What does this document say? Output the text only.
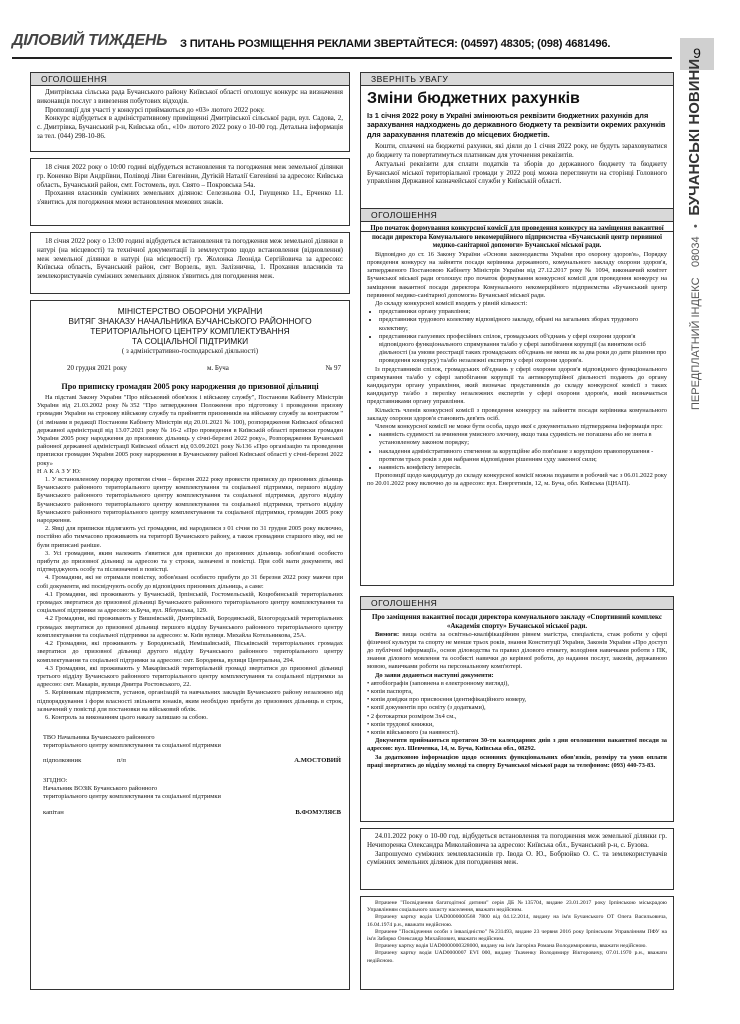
ДІЛОВИЙ ТИЖДЕНЬ З ПИТАНЬ РОЗМІЩЕННЯ РЕКЛАМИ ЗВЕРТАЙТЕСЯ: (04597) 48305; (098) 4681496.
9
ПЕРЕДПЛАТНИЙ ІНДЕКС 08034 • БУЧАНСЬКІ НОВИНИ
ОГОЛОШЕННЯ

Дмитрівська сільська рада Бучанського району Київської області оголошує конкурс на визначення виконавців послуг з вивезення побутових відходів.

Пропозиції для участі у конкурсі приймаються до «03» лютого 2022 року.

Конкурс відбудеться в адміністративному приміщенні Дмитрівської сільської ради, вул. Садова, 2, с. Дмитрівка, Бучанський р-н, Київська обл., «10» лютого 2022 року о 10-00 год. Детальна інформація за тел. (044) 298-10-86.

18 січня 2022 року о 10:00 годині відбудеться встановлення та погодження меж земельної ділянки гр. Коненко Віри Андріївни, Поліводі Ліни Євгенівни, Дутікій Наталії Євгенівні за адресою: Київська область, Бучанський район, смт. Гостомель, вул. Свято – Покровська 54а.

Прохання власників суміжних земельних ділянок: Селезньова О.І, Гнущенко І.І., Ерченко І.І. з'явитись для погодження межи встановлення межових знаків.

18 січня 2022 року о 13:00 годині відбудеться встановлення та погодження меж земельної ділянки в натурі (на місцевості) та технічної документації із землеустрою щодо встановлення (відновлення) меж земельної ділянки в натурі (на місцевості) гр. Жолонка Леоніда Сергійовича за адресою: Київська область, Бучанський район, смт Ворзель, вул. Залізнична, 1. Прохання власників та землекористувачів суміжних земельних ділянок з'явитись для погодження меж.

МІНІСТЕРСТВО ОБОРОНИ УКРАЇНИ
ВИТЯГ ЗНАКАЗУ НАЧАЛЬНИКА БУЧАНСЬКОГО РАЙОННОГО
ТЕРИТОРІАЛЬНОГО ЦЕНТРУ КОМПЛЕКТУВАННЯ
ТА СОЦІАЛЬНОЇ ПІДТРИМКИ
( з адміністративно-господарської діяльності)
20 грудня 2021 року	м. Буча	№ 97
Про приписку громадян 2005 року народження до призовної дільниці

На підставі Закону України "Про військовий обов'язок і військову службу", Постанови Кабінету Міністрів України від 21.03.2002 року №352 "Про затвердження Положення про підготовку і проведення призову громадян України на строкову військову службу та прийняття призовників на військову службу за контрактом " (зі змінами в редакції Постанови Кабінету Міністрів від 20.01.2021 № 100), розпорядження Київської обласної державної адміністрації від 13.07.2021 року № 16-2 «Про проведення в Київській області приписки громадян України 2005 року народження до призовних дільниць у січні-березні 2022 року», Розпорядження Бучанської районної державної адміністрації Київської області від 03.09.2021 року №136 «Про організацію та проведення приписки громадян України 2005 року народження в Бучанському районі Київської області у січні-березні 2022 року»

Н А К А З У Ю:

1. У встановленому порядку протягом січня – березня 2022 року провести приписку до призовних дільниць Бучанського районного територіального центру комплектування та соціальної підтримки, першого відділу Бучанського районного територіального центру комплектування та соціальної підтримки, другого відділу Бучанського районного територіального центру комплектування та соціальної підтримки, третього відділу Бучанського районного територіального центру комплектування та соціальної підтримки, громадян 2005 року народження.

2. Явці для приписки підлягають усі громадяни, які народилися з 01 січня по 31 грудня 2005 року включно, постійно або тимчасово проживають на території Бучанського району, а також громадяни старшого віку, які не були приписані раніше.

3. Усі громадяни, яким належить з'явитися для приписки до призовних дільниць зобов'язані особисто прибути до призовної дільниці за адресою та у строки, зазначені в повістці. При собі мати документи, які підтверджують особу та післязначені в повістці.

4. Громадяни, які не отримали повістку, зобов'язані особисто прибути до 31 березня 2022 року маючи при собі документи, які посвідчують особу до відповідних призовних дільниць, а саме:

4.1 Громадяни, які проживають у Бучанській, Ірпінській, Гостомельській, Коцюбинській територіальних громадах звертатися до призовної дільниці Бучанського районного територіального центру комплектування та соціальної підтримки за адресою: м.Буча, вул. Яблунська, 129.

4.2 Громадяни, які проживають у Вишнівській, Дмитрівській, Бородянській, Білогородській територіальних громадах звертатися до призовної дільниці першого відділу Бучанського районного територіального центру комплектування та соціальної підтримки за адресою: м. Київ вулиця. Михайла Котельникова, 25А.

4.2 Громадяни, які проживають у Бородянській, Немішаївській, Піськівській територіальних громадах звертатися до призовної дільниці другого відділу Бучанського районного територіального центру комплектування та соціальної підтримки за адресою: смт. Бородянка, вулиця Центральна, 294.

4.3 Громадяни, які проживають у Макарівській територіальній громаді звертатися до призовної дільниці третього відділу Бучанського районного територіального центру комплектування та соціальної підтримки за адресою: смт. Макарів, вулиця Дмитра Ростовського, 22.

5. Керівникам підприємств, установ, організацій та навчальних закладів Бучанського району незалежно від підпорядкування і форм власності звільнити юнаків, яким необхідно прибути до призовних дільниць в строк, зазначений у повістці для постановки на військовий облік.

6. Контроль за виконанням цього наказу залишаю за собою.

ТВО Начальника Бучанського районного
територіального центру комплектування та соціальної підтримки
підполковник	п/п	А.МОСТОВИЙ
ЗГІДНО:
Начальник ВОЗіК Бучанського районного
територіального центру комплектування та соціальної підтримки
капітан	В.ФОМУЛЯЄВ
ЗВЕРНІТЬ УВАГУ
Зміни бюджетних рахунків
Із 1 січня 2022 року в Україні змінюються реквізити бюджетних рахунків для зарахування надходжень до державного бюджету та реквізити окремих рахунків для зарахування платежів до місцевих бюджетів.

Кошти, сплачені на бюджетні рахунки, які діяли до 1 січня 2022 року, не будуть зараховуватися до бюджету та повертатимуться платникам для уточнення реквізитів.

Актуальні реквізити для сплати податків та зборів до державного бюджету та бюджету Бучанської міської територіальної громади у 2022 році можна переглянути на сторінці Головного управління Державної казначейської служби у Київській області.

ОГОЛОШЕННЯ
Про початок формування конкурсної комісії для проведення конкурсу на заміщення вакантної посади директора Комунального некомерційного підприємства «Бучанський центр первинної медико-санітарної допомоги» Бучанської міської ради.

Відповідно до ст. 16 Закону України «Основи законодавства України про охорону здоров'я», Порядку проведення конкурсу на зайняття посади керівника державного, комунального закладу охорони здоров'я, затвердженого Постановою Кабінету Міністрів України від 27.12.2017 року № 1094, виконавчий комітет Бучанської міської ради оголошує про початок формування конкурсної комісії для проведення конкурсу на заміщення вакантної посади директора Комунального некомерційного підприємства «Бучанський центр первинної медико-санітарної допомоги» Бучанської міської ради.

До складу конкурсної комісії входять у рівній кількості:

• представники органу управління;
• представники трудового колективу відповідного закладу, обрані на загальних зборах трудового колективу;
• представники галузевих професійних спілок, громадських об'єднань у сфері охорони здоров'я відповідного функціонального спрямування та/або у сфері запобігання корупції (за винятком осіб діяльності (за умови реєстрації таких громадських об'єднань не менш як за два роки до дати рішення про проведення конкурсу) та/або незалежні експерти у сфері охорони здоров'я.

Із представників спілок, громадських об'єднань у сфері охорони здоров'я відповідного функціонального спрямування та/або у сфері запобігання корупції та антикорупційної діяльності подають до органу кандидатури органу управління, який визначає представників до складу конкурсної комісії з таких кандидатур та/або з переліку незалежних експертів у сфері охорони здоров'я, який визначається представниками органу управління.

Кількість членів конкурсної комісії з проведення конкурсу на зайняття посади керівника комунального закладу охорони здоров'я становить дев'ять осіб.

Членом конкурсної комісії не може бути особа, щодо якої є документально підтверджена інформація про:

• наявність судимості за вчинення умисного злочину, якщо така судимість не погашена або не знята в установленому законом порядку;
• накладення адміністративного стягнення за корупційне або пов'язане з корупцією правопорушення - протягом трьох років з дня набрання відповідним рішенням суду законної сили;
• наявність конфлікту інтересів.

Пропозиції щодо кандидатур до складу конкурсної комісії можна подавати в робочий час з 06.01.2022 року по 20.01.2022 року включно до за адресою: вул. Енергетиків, 12, м. Буча, обл. Київська (ЦНАП).

ОГОЛОШЕННЯ
Про заміщення вакантної посади директора комунального закладу «Спортивний комплекс «Академія спорту» Бучанської міської ради.

Вимоги: вища освіта за освітньо-кваліфікаційним рівнем магістра, спеціаліста, стаж роботи у сфері фізичної культури та спорту не менше трьох років, знання Конституції України, Законів України «Про доступ до публічної інформації», основ діловодства та правил ділового етикету, володіння навичками роботи з ПК, знання ділового мовлення та особисті навички до керівної роботи, до надання послуг, законів, державною мовою, навичками роботи на персональному комп'ютері.

До заяви додаються наступні документи:
• автобіографія (заповнена в електронному вигляді),
• копія паспорта,
• копія довідки про присвоєння ідентифікаційного номеру,
• копії документів про освіту (з додатками),
• 2 фотокартки розміром 3х4 см.,
• копія трудової книжки,
• копія військового (за наявності).

Документи приймаються протягом 30-ти календарних днів з дня оголошення вакантної посади за адресою: вул. Шевченка, 14, м. Буча, Київська обл., 08292.

За додатковою інформацією щодо основних функціональних обов'язків, розміру та умов оплати праці звертатись до відділу молоді та спорту Бучанської міської ради за телефоном: (093) 440-73-83.

24.01.2022 року о 10-00 год. відбудеться встановлення та погодження меж земельної ділянки гр. Нечипоренка Олександра Миколайовича за адресою: Київська обл., Бучанський р-н, с. Бузова.

Запрошуємо суміжних землевласників гр. Івода О. Ю., Бобрюйко О. С. та землекористувачів суміжних земельних ділянок для погодження меж.

Втрачене "Посвідчення багатодітної дитини" серія ДБ №135704, видане 23.01.2017 року Ірпінською міськрадою Управлінням соціального захисту населення, вважати недійсним.

Втрачену картку водія UAD0000000568 7800 від 04.12.2014, видану на ім'я Бучанського ОТ Олега Васильовича, 16.04.1974 р.н., вважати недійсною.

Втрачене "Посвідчення особи з інвалідністю" №231493, видане 23 червня 2016 року Ірпінським Управлінням ПФУ на ім'я Забирко Олександр Михайлович, вважати недійсним.

Втрачену картку водія UAD0000000328000, видану на ім'я Загоріна Романа Володимировича, вважати недійсною.

Втрачену картку водія UAD0000007 EVI 000, видану Ткаченку Володимиру Вікторовичу, 07.01.1970 р.н., вважати недійсною.
